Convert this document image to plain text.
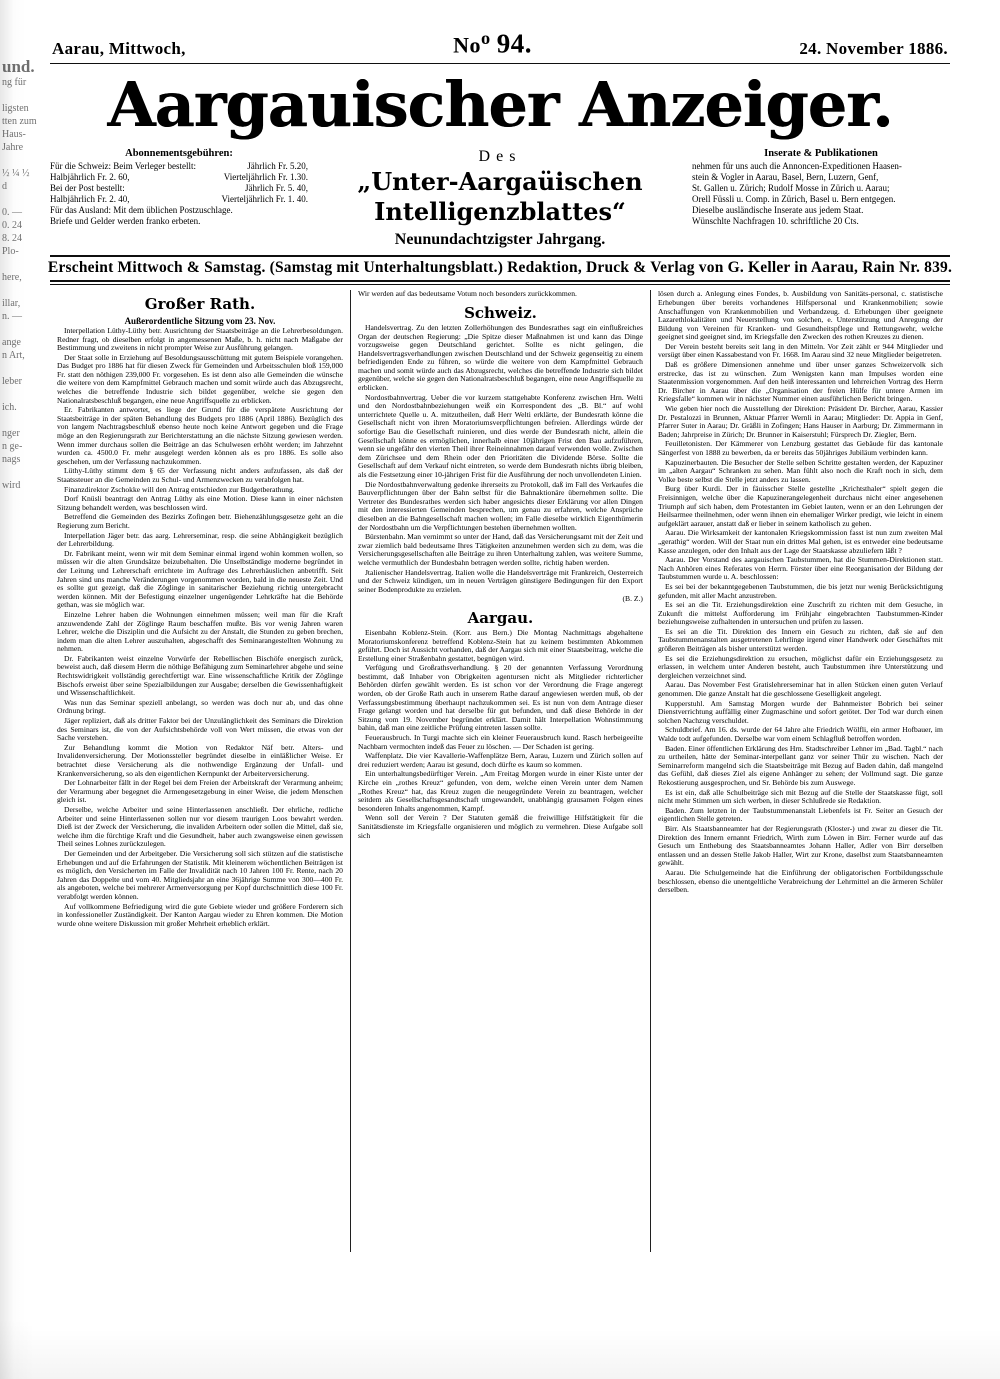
und.
ng für

ligsten
tten zum
Haus-
Jahre

½ ¼ ½
d

0. —
0. 24
8. 24
Plo-

here,

illar,
n. —

ange
n Art,

leber

ich.

nger
n ge-
nags

wird
Aarau, Mittwoch,	No$^o$ 94.	24. November 1886.
Aargauischer Anzeiger.
Abonnementsgebühren:
Für die Schweiz: Beim Verleger bestellt:	Jährlich Fr. 5.20,
Halbjährlich Fr. 2. 60,	Vierteljährlich Fr. 1.30.
Bei der Post bestellt:	Jährlich Fr. 5. 40,
Halbjährlich Fr. 2. 40,	Vierteljährlich Fr. 1. 40.
Für das Ausland: Mit dem üblichen Postzuschlage.
Briefe und Gelder werden franko erbeten.
Des
„Unter-Aargaüischen Intelligenzblattes“
Neunundachtzigster Jahrgang.
Inserate & Publikationen
nehmen für uns auch die Annoncen-Expeditionen Haasen-
stein & Vogler in Aarau, Basel, Bern, Luzern, Genf,
St. Gallen u. Zürich; Rudolf Mosse in Zürich u. Aarau;
Orell Füssli u. Comp. in Zürich, Basel u. Bern entgegen.
Dieselbe ausländische Inserate aus jedem Staat.
Wünschlte Nachfragen 10. schriftliche 20 Cts.
Erscheint Mittwoch & Samstag. (Samstag mit Unterhaltungsblatt.) Redaktion, Druck & Verlag von G. Keller in Aarau, Rain Nr. 839.
Großer Rath.
Außerordentliche Sitzung vom 23. Nov.

Interpellation Lüthy-Lüthy betr. Ausrichtung der Staatsbeiträge an die Lehrerbesoldungen. Redner fragt, ob dieselben erfolgt in angemessenen Maße, b. h. nicht nach Maßgabe der Bestimmung und zweitens in nicht prompter Weise zur Ausführung gelangen.

Der Staat solle in Erziehung auf Besoldungsausschüttung mit gutem Beispiele vorangehen. Das Budget pro 1886 hat für diesen Zweck für Gemeinden und Arbeitsschulen bloß 159,000 Fr. statt den nöthigen 239,000 Fr. vorgesehen. Es ist denn also alle Gemeinden die wünsche die weitere von dem Kampfmittel Gebrauch machen und somit würde auch das Abzugsrecht, welches die betreffende Industrie sich bildet gegenüber, welche sie gegen den Nationalratsbeschluß begangen, eine neue Angriffsquelle zu erblicken.

Er. Fabrikanten antwortet, es liege der Grund für die verspätete Ausrichtung der Staatsbeiträge in der späten Behandlung des Budgets pro 1886 (April 1886). Bezüglich des von langem Nachtragsbeschluß ebenso heute noch keine Antwort gegeben und die Frage möge an den Regierungsrath zur Berichterstattung an die nächste Sitzung gewiesen werden. Wenn immer durchaus sollen die Beiträge an das Schulwesen erhöht werden; im Jahrzehnt wurden ca. 4500.0 Fr. mehr ausgelegt werden können als es pro 1886. Es solle also geschehen, um der Verfassung nachzukommen.

Lüthy-Lüthy stimmt dem § 65 der Verfassung nicht anders aufzufassen, als daß der Staatssteuer an die Gemeinden zu Schul- und Armenzwecken zu verabfolgen hat.

Finanzdirektor Zschokke will den Antrag entschieden zur Budgetberathung.

Dorf Knüsli beantragt den Antrag Lüthy als eine Motion. Diese kann in einer nächsten Sitzung behandelt werden, was beschlossen wird.

Betreffend die Gemeinden des Bezirks Zofingen betr. Biehenzählungsgesetze geht an die Regierung zum Bericht.

Interpellation Jäger betr. das aarg. Lehrerseminar, resp. die seine Abhängigkeit bezüglich der Lehrerbildung.

Dr. Fabrikant meint, wenn wir mit dem Seminar einmal irgend wohin kommen wollen, so müssen wir die alten Grundsätze beizubehalten. Die Unselbständige moderne begründet in der Leitung und Lehrerschaft errichtete im Auftrage des Lehrerhäuslichen anbetrifft. Seit Jahren sind uns manche Veränderungen vorgenommen worden, bald in die neueste Zeit. Und es sollte gut gezeigt, daß die Zöglinge in sanitarischer Beziehung richtig untergebracht werden können. Mit der Befestigung einzelner ungenügender Lehrkräfte hat die Behörde gethan, was sie möglich war.

Einzelne Lehrer haben die Wohnungen einnehmen müssen; weil man für die Kraft anzuwendende Zahl der Zöglinge Raum beschaffen mußte. Bis vor wenig Jahren waren Lehrer, welche die Disziplin und die Aufsicht zu der Anstalt, die Stunden zu geben brechen, indem man die alten Lehrer auszuhalten, abgeschafft des Seminarangestellten Wohnung zu nehmen.

Dr. Fabrikanten weist einzelne Vorwürfe der Rebellischen Bischöfe energisch zurück, beweist auch, daß diesem Herrn die nöthige Befähigung zum Seminarlehrer abgehe und seine Rechtswidrigkeit vollständig gerechtfertigt war. Eine wissenschaftliche Kritik der Zöglinge Bischofs erweist über seine Spezialbildungen zur Ausgabe; derselben die Gewissenhaftigkeit und Wissenschaftlichkeit.

Was nun das Seminar speziell anbelangt, so werden was doch nur ab, und das ohne Ordnung bringt.

Jäger repliziert, daß als dritter Faktor bei der Unzulänglichkeit des Seminars die Direktion des Seminars ist, die von der Aufsichtsbehörde voll von Wert müssen, die etwas von der Sache verstehen.

Zur Behandlung kommt die Motion von Redaktor Näf betr. Alters- und Invalidenversicherung. Der Motionssteller begründet dieselbe in einläßlicher Weise. Er betrachtet diese Versicherung als die nothwendige Ergänzung der Unfall- und Krankenversicherung, so als den eigentlichen Kernpunkt der Arbeiterversicherung.

Der Lohnarbeiter fällt in der Regel bei dem Freien der Arbeitskraft der Verarmung anheim; der Verarmung aber begegnet die Armengesetzgebung in einer Weise, die jedem Menschen gleich ist.

Derselbe, welche Arbeiter und seine Hinterlassenen anschließt. Der ehrliche, redliche Arbeiter und seine Hinterlassenen sollen nur vor diesem traurigen Loos bewahrt werden. Dieß ist der Zweck der Versicherung, die invaliden Arbeitern oder sollen die Mittel, daß sie, welche ihm die fürchtige Kraft und die Gesundheit, haber auch zwangsweise einen gewissen Theil seines Lohnes zurückzulegen.

Der Gemeinden und der Arbeitgeber. Die Versicherung soll sich stützen auf die statistische Erhebungen und auf die Erfahrungen der Statistik. Mit kleinerem wöchentlichen Beiträgen ist es möglich, den Versicherten im Falle der Invalidität nach 10 Jahren 100 Fr. Rente, nach 20 Jahren das Doppelte und vom 40. Mitgliedsjahr an eine 36jährige Summe von 300—400 Fr. als angeboten, welche bei mehrerer Armenversorgung per Kopf durchschnittlich diese 100 Fr. verabfolgt werden können.

Auf vollkommene Befriedigung wird die gute Gebiete wieder und größere Forderern sich in konfessioneller Zuständigkeit. Der Kanton Aargau wieder zu Ehren kommen. Die Motion wurde ohne weitere Diskussion mit großer Mehrheit erheblich erklärt.

Wir werden auf das bedeutsame Votum noch besonders zurückkommen.

Schweiz.

Handelsvertrag. Zu den letzten Zollerhöhungen des Bundesrathes sagt ein einflußreiches Organ der deutschen Regierung: „Die Spitze dieser Maßnahmen ist und kann das Dinge vorzugsweise gegen Deutschland gerichtet. Sollte es nicht gelingen, die Handelsvertragsverhandlungen zwischen Deutschland und der Schweiz gegenseitig zu einem befriedigenden Ende zu führen, so würde die weitere von dem Kampfmittel Gebrauch machen und somit würde auch das Abzugsrecht, welches die betreffende Industrie sich bildet gegenüber, welche sie gegen den Nationalratsbeschluß begangen, eine neue Angriffsquelle zu erblicken.

Nordostbahnvertrag. Ueber die vor kurzem stattgehabte Konferenz zwischen Hrn. Welti und den Nordostbahnbeziehungen weiß ein Korrespondent des „B. Bl.“ auf wohl unterrichtete Quelle u. A. mitzutheilen, daß Herr Welti erklärte, der Bundesrath könne die Gesellschaft nicht von ihren Moratoriumsverpflichtungen befreien. Allerdings würde der sofortige Bau die Gesellschaft ruinieren, und dies werde der Bundesrath nicht, allein die Gesellschaft könne es ermöglichen, innerhalb einer 10jährigen Frist den Bau aufzuführen, wenn sie ungefähr den vierten Theil ihrer Reineinnahmen darauf verwenden wolle. Zwischen dem Zürichsee und dem Rhein oder den Prioritäten die Dividende Börse. Sollte die Gesellschaft auf dem Verkauf nicht eintreten, so werde dem Bundesrath nichts übrig bleiben, als die Festsetzung einer 10-jährigen Frist für die Ausführung der noch unvollendeten Linien.

Die Nordostbahnverwaltung gedenke ihrerseits zu Protokoll, daß im Fall des Verkaufes die Bauverpflichtungen über der Bahn selbst für die Bahnaktionäre übernehmen sollte. Die Vertreter des Bundesrathes werden sich haber angesichts dieser Erklärung vor allen Dingen mit den interessierten Gemeinden besprechen, um genau zu erfahren, welche Ansprüche dieselben an die Bahngesellschaft machen wollen; im Falle dieselbe wirklich Eigenthümerin der Nordostbahn um die Verpflichtungen bestehen übernehmen wollten.

Bürstenbahn. Man vernimmt so unter der Hand, daß das Versicherungsamt mit der Zeit und zwar ziemlich bald bedeutsame Ihres Tätigkeiten anzunehmen werden sich zu dem, was die Versicherungsgesellschaften alle Beiträge zu ihren Unterhaltung zahlen, was weitere Summe, welche vermuthlich der Bundesbahn betragen werden sollte, richtig haben werden.

Jtalienischer Handelsvertrag. Italien wolle die Handelsverträge mit Frankreich, Oesterreich und der Schweiz kündigen, um in neuen Verträgen günstigere Bedingungen für den Export seiner Bodenprodukte zu erzielen.

(B. Z.)

Aargau.

Eisenbahn Koblenz-Stein. (Korr. aus Bern.) Die Montag Nachmittags abgehaltene Moratoriumskonferenz betreffend Koblenz-Stein hat zu keinem bestimmten Abkommen geführt. Doch ist Aussicht vorhanden, daß der Aargau sich mit einer Staatsbeitrag, welche die Erstellung einer Straßenbahn gestattet, begnügen wird.

Verfügung und Großrathsverhandlung. § 20 der genannten Verfassung Verordnung bestimmt, daß Inhaber von Obrigkeiten agentursen nicht als Mitglieder richterlicher Behörden dürfen gewählt werden. Es ist schon vor der Verordnung die Frage angeregt worden, ob der Große Rath auch in unserem Rathe darauf angewiesen werden muß, ob der Verfassungsbestimmung überhaupt nachzukommen sei. Es ist nun von dem Antrage dieser Frage gelangt worden und hat derselbe für gut befunden, und daß diese Behörde in der Sitzung vom 19. November begründet erklärt. Damit hält Interpellation Wohnstimmung bahin, daß man eine zeitliche Prüfung eintreten lassen sollte.

Feuerausbruch. In Turgi machte sich ein kleiner Feuerausbruch kund. Rasch herbeigeeilte Nachbarn vermochten indeß das Feuer zu löschen. — Der Schaden ist gering.

Waffenplatz. Die vier Kavallerie-Waffenplätze Bern, Aarau, Luzern und Zürich sollen auf drei reduziert werden; Aarau ist gesund, doch dürfte es kaum so kommen.

Ein unterhaltungsbedürftiger Verein. „Am Freitag Morgen wurde in einer Kiste unter der Kirche ein „rothes Kreuz“ gefunden, von dem, welche einen Verein unter dem Namen „Rothes Kreuz“ hat, das Kreuz zugen die neugegründete Verein zu beantragen, welcher seitdem als Gesellschaftsgesandtschaft umgewandelt, unabhängig grausamen Folgen eines besonderen Inhalts angenommen, Kampf.

Wenn soll der Verein ? Der Statuten gemäß die freiwillige Hilfstätigkeit für die Sanitätsdienste im Kriegsfalle organisieren und möglich zu vermehren. Diese Aufgabe soll sich

lösen durch a. Anlegung eines Fondes, b. Ausbildung von Sanitäts-personal, c. statistische Erhebungen über bereits vorhandenes Hilfspersonal und Krankenmobilien; sowie Anschaffungen von Krankenmobilien und Verbandzeug. d. Erhebungen über geeignete Lazarethlokalitäten und Neuerstellung von solchen, e. Unterstützung und Anregung der Bildung von Vereinen für Kranken- und Gesundheitspflege und Rettungswehr, welche geeignet sind geeignet sind, im Kriegsfalle den Zwecken des rothen Kreuzes zu dienen.

Der Verein besteht bereits seit lang in den Mitteln. Vor Zeit zählt er 944 Mitglieder und versügt über einen Kassabestand von Fr. 1668. Im Aarau sind 32 neue Mitglieder beigetreten.

Daß es größere Dimensionen annehme und über unser ganzes Schweizervolk sich erstrecke, das ist zu wünschen. Zum Wenigsten kann man Impulses worden eine Staatenmission vorgenommen. Auf den heiß interessanten und lehrreichen Vortrag des Herrn Dr. Bircher in Aarau über die „Organisation der freien Hülfe für untere Armen im Kriegsfalle“ kommen wir in nächster Nummer einen ausführlichen Bericht bringen.

Wie geben hier noch die Ausstellung der Direktion: Präsident Dr. Bircher, Aarau, Kassier Dr. Pestalozzi in Brunnen, Aktuar Pfarrer Wernli in Aarau; Mitglieder: Dr. Appia in Genf, Pfarrer Suter in Aarau; Dr. Gräßli in Zofingen; Hans Hauser in Aarburg; Dr. Zimmermann in Baden; Jahrpreise in Zürich; Dr. Brunner in Kaiserstuhl; Fürsprech Dr. Ziegler, Bern.

Feuilletonisten. Der Kämmerer von Lenzburg gestattet das Gebäude für das kantonale Sängerfest von 1888 zu bewerben, da er bereits das 50jähriges Jubiläum verbinden kann.

Kapuzinerbauten. Die Besucher der Stelle selben Schritte gestalten werden, der Kapuziner im „alten Aargau“ Schranken zu sehen. Man fühlt also noch die Kraft noch in sich, dem Volke beste selbst die Stelle jetzt anders zu lassen.

Burg über Kurdi. Der in fäuisscher Stelle gestellte „Krichtsthaler“ spielt gegen die Freisinnigen, welche über die Kapuzinerangelegenheit durchaus nicht einer angesehenen Triumph auf sich haben, dem Protestanten im Gebiet lauten, wenn er an den Lehrungen der Heilsarmee theilnehmen, oder wenn ihnen ein ehemaliger Wirker predigt, wie leicht in einem aufgeklärt aarauer, anstatt daß er lieber in seinem katholisch zu gehen.

Aarau. Die Wirksamkeit der kantonalen Kriegskommission fasst ist nun zum zweiten Mal „gerathig“ worden. Will der Staat nun ein drittes Mal gehen, ist es entweder eine bedeutsame Kasse anzulegen, oder den Inhalt aus der Lage der Staatskasse abzuliefern läßt ?

Aarau. Der Vorstand des aargauischen Taubstummen, hat die Stummen-Direktionen statt. Nach Anhören eines Referates von Herrn. Förster über eine Reorganisation der Bildung der Taubstummen wurde u. A. beschlossen:

Es sei bei der bekanntgegebenen Taubstummen, die bis jetzt nur wenig Berücksichtigung gefunden, mit aller Macht anzustreben.

Es sei an die Tit. Erziehungsdirektion eine Zuschrift zu richten mit dem Gesuche, in Zukunft die mittelst Aufforderung im Frühjahr eingebrachten Taubstummen-Kinder beziehungsweise zufhaltenden in untersuchen und prüfen zu lassen.

Es sei an die Tit. Direktion des Innern ein Gesuch zu richten, daß sie auf den Taubstummenanstalten ausgetretenen Lehrlinge irgend einer Handwerk oder Geschäftes mit größeren Beiträgen als bisher unterstützt werden.

Es sei die Erziehungsdirektion zu ersuchen, möglichst dafür ein Erziehungsgesetz zu erlassen, in welchem unter Anderen besteht, auch Taubstummen ihre Unterstützung und dergleichen verzeichnet sind.

Aarau. Das November Fest Gratislehrerseminar hat in allen Stücken einen guten Verlauf genommen. Die ganze Anstalt hat die geschlossene Geselligkeit angelegt.

Kupperstuhl. Am Samstag Morgen wurde der Bahnmeister Bobrich bei seiner Dienstverrichtung auffällig einer Zugmaschine und sofort getötet. Der Tod war durch einen solchen Nachzug verschuldet.

Schuldbrief. Am 16. ds. wurde der 64 Jahre alte Friedrich Wölfli, ein armer Hofbauer, im Walde todt aufgefunden. Derselbe war vom einem Schlagfluß betroffen worden.

Baden. Einer öffentlichen Erklärung des Hrn. Stadtschreiber Lehner im „Bad. Tagbl.“ nach zu urtheilen, hätte der Seminar-interpellant ganz vor seiner Thür zu wischen. Nach der Seminarreform mangelnd sich die Staatsbeiträge mit Bezug auf Baden dahin, daß mangelnd das Gefühl, daß dieses Ziel als eigene Anhänger zu sehen; der Vollmund sagt. Die ganze Rekostierung ausgesprochen, und Sr. Behörde bis zum Auswege.

Es ist ein, daß alle Schulbeiträge sich mit Bezug auf die Stelle der Staatskasse fügt, soll nicht mehr Stimmen um sich werben, in dieser Schlußrede sie Redaktion.

Baden. Zum letzten in der Taubstummenanstalt Liebenfels ist Fr. Seiter an Gesuch der eigentlichen Stelle getreten.

Birr. Als Staatsbanneamter hat der Regierungsrath (Kloster-) und zwar zu dieser die Tit. Direktion des Innern ernannt Friedrich, Wirth zum Löwen in Birr. Ferner wurde auf das Gesuch um Enthebung des Staatsbanneamtes Johann Haller, Adler von Birr derselben entlassen und an dessen Stelle Jakob Haller, Wirt zur Krone, daselbst zum Staatsbanneamten gewählt.

Aarau. Die Schulgemeinde hat die Einführung der obligatorischen Fortbildungsschule beschlossen, ebenso die unentgeltliche Verabreichung der Lehrmittel an die ärmeren Schüler derselben.
